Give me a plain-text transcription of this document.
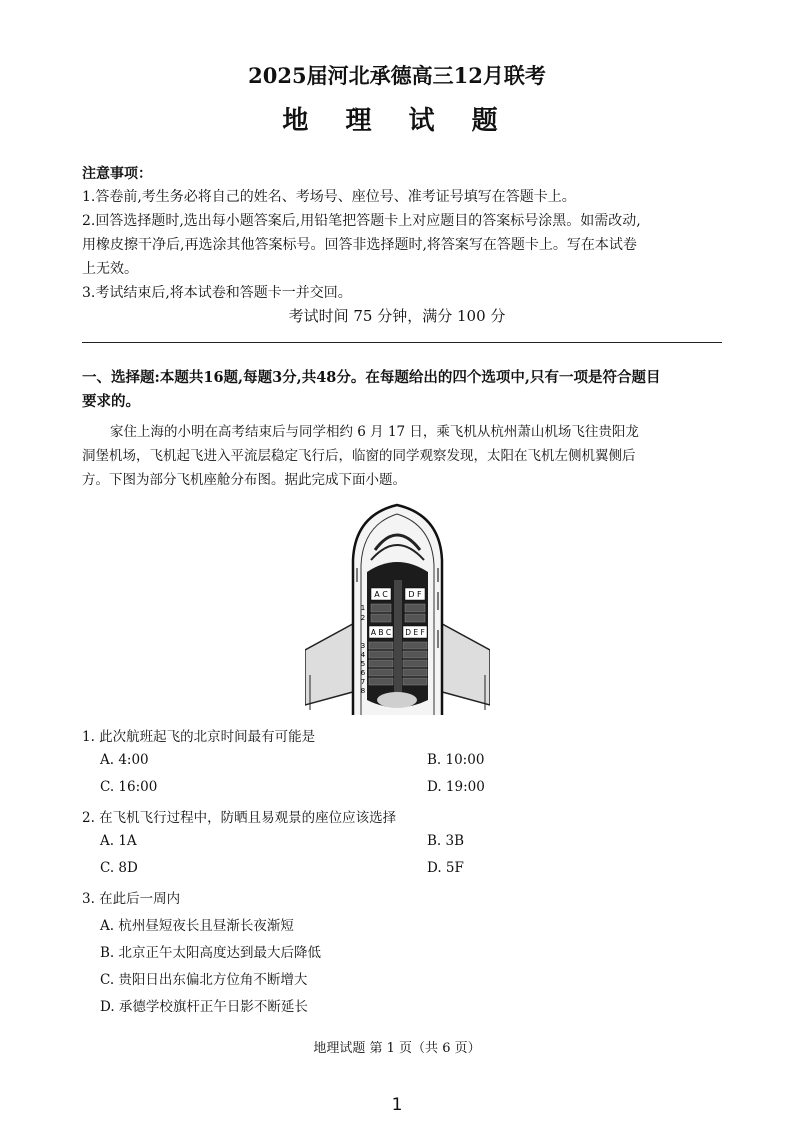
2025届河北承德高三12月联考
地 理 试 题
注意事项：
1.答卷前,考生务必将自己的姓名、考场号、座位号、准考证号填写在答题卡上。
2.回答选择题时,选出每小题答案后,用铅笔把答题卡上对应题目的答案标号涂黑。如需改动,
用橡皮擦干净后,再选涂其他答案标号。回答非选择题时,将答案写在答题卡上。写在本试卷
上无效。
3.考试结束后,将本试卷和答题卡一并交回。
考试时间 75 分钟，满分 100 分
一、选择题:本题共16题,每题3分,共48分。在每题给出的四个选项中,只有一项是符合题目
要求的。
家住上海的小明在高考结束后与同学相约 6 月 17 日，乘飞机从杭州萧山机场飞往贵阳龙
洞堡机场，飞机起飞进入平流层稳定飞行后，临窗的同学观察发现，太阳在飞机左侧机翼侧后
方。下图为部分飞机座舱分布图。据此完成下面小题。
A C	D F
A B C D E F
1
2
3
4
5
6
7
8
1. 此次航班起飞的北京时间最有可能是
A. 4:00	B. 10:00
C. 16:00	D. 19:00
2. 在飞机飞行过程中，防晒且易观景的座位应该选择
A. 1A	B. 3B
C. 8D	D. 5F
3. 在此后一周内
A. 杭州昼短夜长且昼渐长夜渐短
B. 北京正午太阳高度达到最大后降低
C. 贵阳日出东偏北方位角不断增大
D. 承德学校旗杆正午日影不断延长
地理试题 第 1 页（共 6 页）
1
